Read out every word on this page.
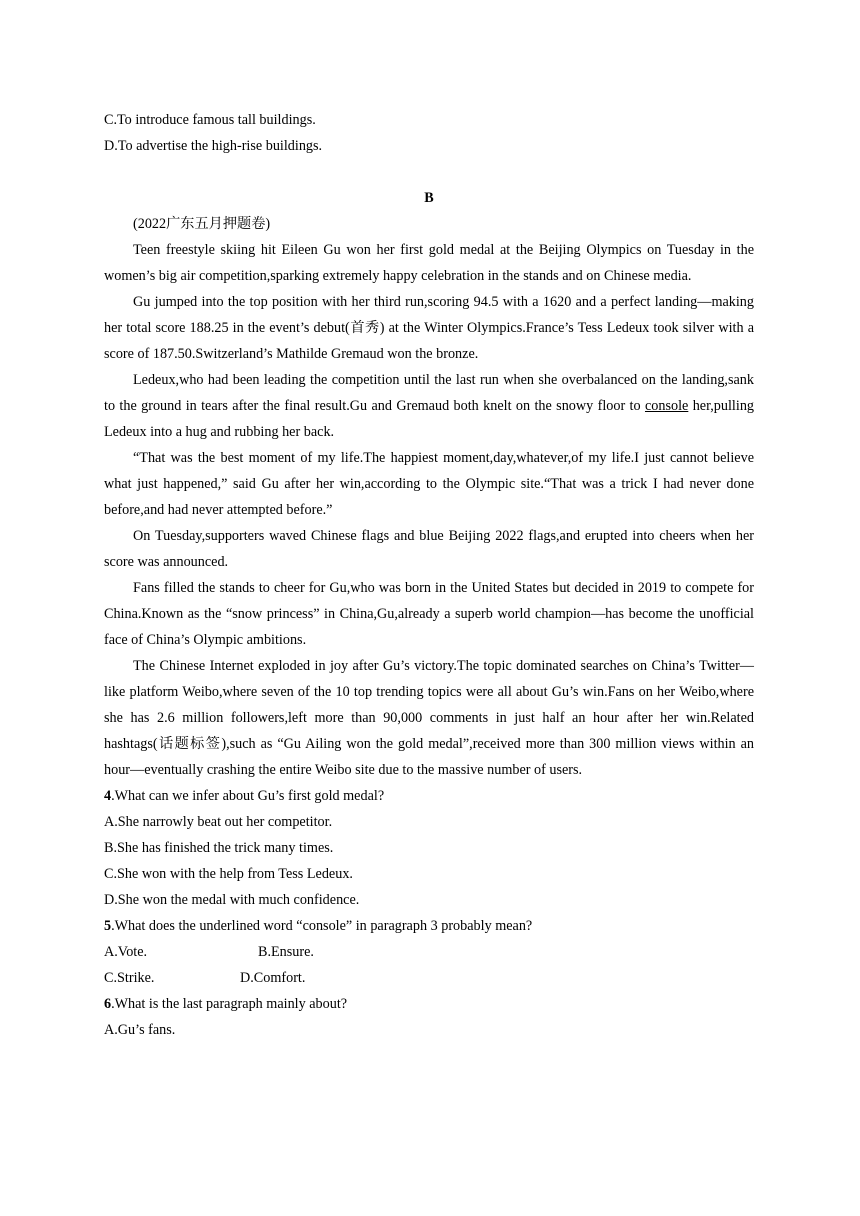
C.To introduce famous tall buildings.
D.To advertise the high-rise buildings.
B
(2022广东五月押题卷)
Teen freestyle skiing hit Eileen Gu won her first gold medal at the Beijing Olympics on Tuesday in the women’s big air competition,sparking extremely happy celebration in the stands and on Chinese media.
Gu jumped into the top position with her third run,scoring 94.5 with a 1620 and a perfect landing—making her total score 188.25 in the event’s debut(首秀) at the Winter Olympics.France’s Tess Ledeux took silver with a score of 187.50.Switzerland’s Mathilde Gremaud won the bronze.
Ledeux,who had been leading the competition until the last run when she overbalanced on the landing,sank to the ground in tears after the final result.Gu and Gremaud both knelt on the snowy floor to console her,pulling Ledeux into a hug and rubbing her back.
“That was the best moment of my life.The happiest moment,day,whatever,of my life.I just cannot believe what just happened,” said Gu after her win,according to the Olympic site.“That was a trick I had never done before,and had never attempted before.”
On Tuesday,supporters waved Chinese flags and blue Beijing 2022 flags,and erupted into cheers when her score was announced.
Fans filled the stands to cheer for Gu,who was born in the United States but decided in 2019 to compete for China.Known as the “snow princess” in China,Gu,already a superb world champion—has become the unofficial face of China’s Olympic ambitions.
The Chinese Internet exploded in joy after Gu’s victory.The topic dominated searches on China’s Twitter—like platform Weibo,where seven of the 10 top trending topics were all about Gu’s win.Fans on her Weibo,where she has 2.6 million followers,left more than 90,000 comments in just half an hour after her win.Related hashtags(话题标签),such as “Gu Ailing won the gold medal”,received more than 300 million views within an hour—eventually crashing the entire Weibo site due to the massive number of users.
4.What can we infer about Gu’s first gold medal?
A.She narrowly beat out her competitor.
B.She has finished the trick many times.
C.She won with the help from Tess Ledeux.
D.She won the medal with much confidence.
5.What does the underlined word “console” in paragraph 3 probably mean?
A.Vote.	B.Ensure.
C.Strike.	D.Comfort.
6.What is the last paragraph mainly about?
A.Gu’s fans.
